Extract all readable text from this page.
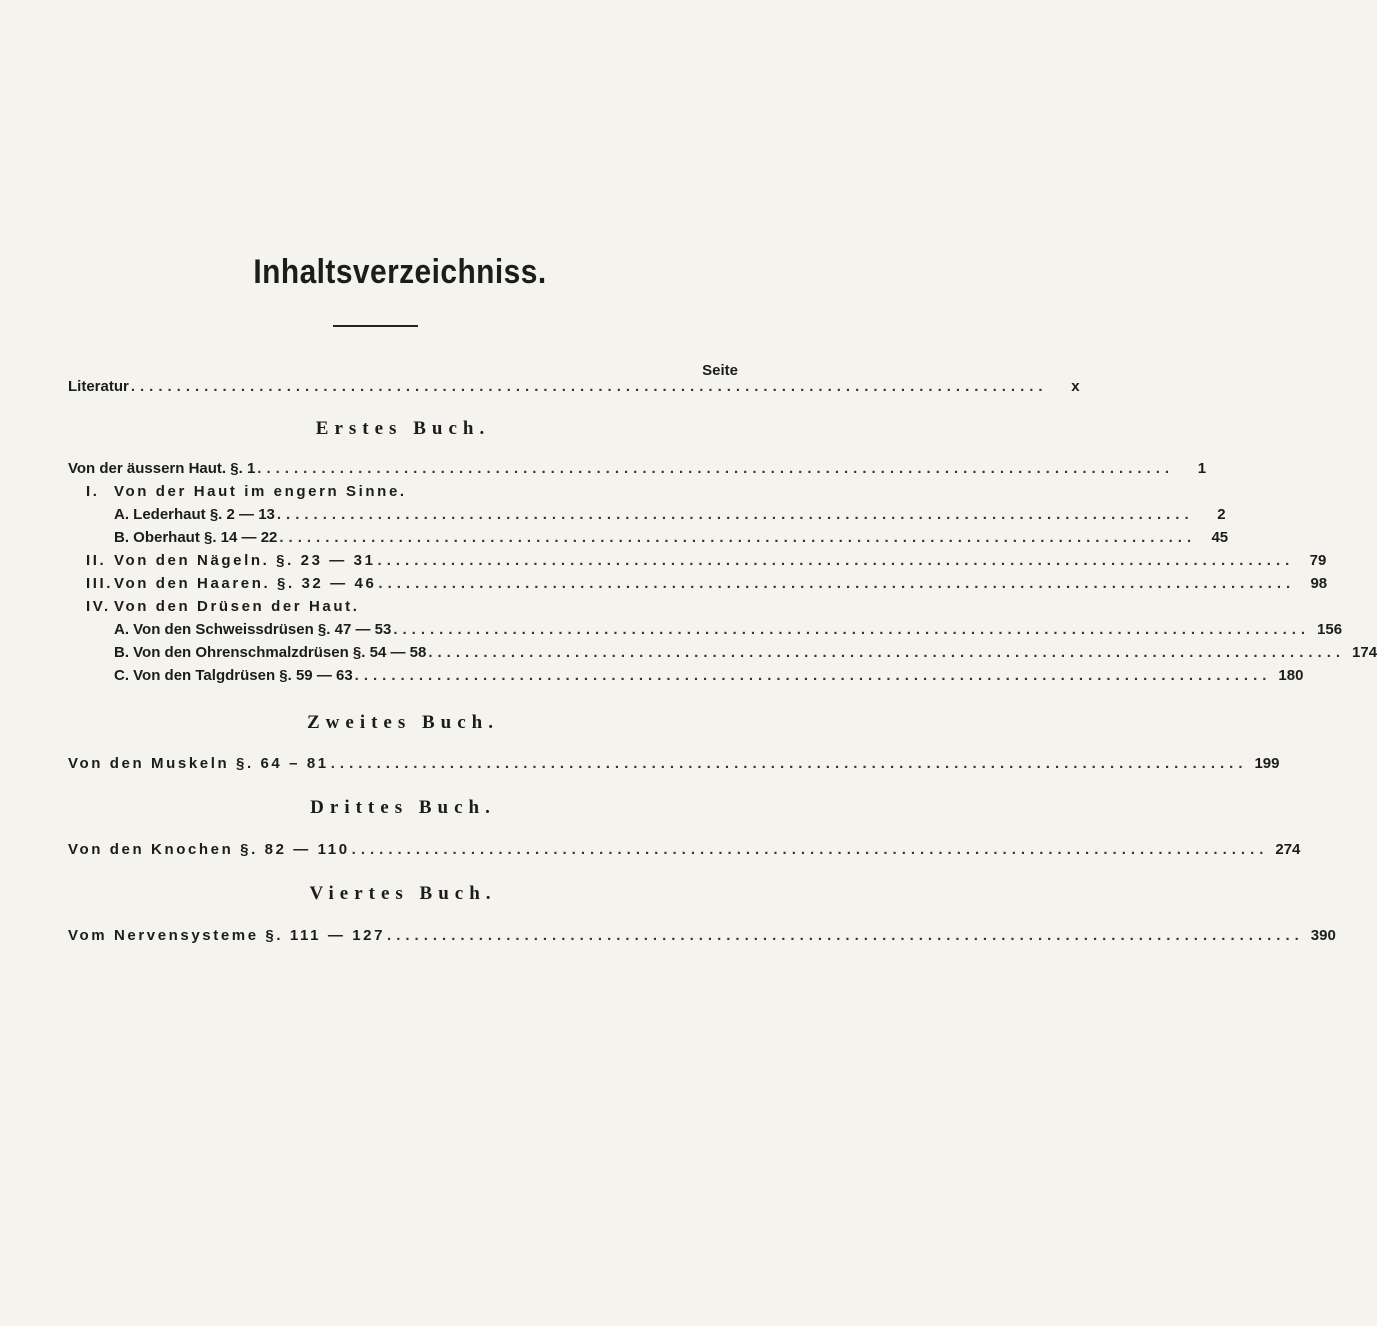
Inhaltsverzeichniss.
Seite
Literatur ....................................................................................................	x
Erstes Buch.
Von der äussern Haut. §. 1 ....................................................................................................	1
I. Von der Haut im engern Sinne.
A. Lederhaut §. 2 — 13 ....................................................................................................	2
B. Oberhaut §. 14 — 22 ....................................................................................................	45
II. Von den Nägeln. §. 23 — 31 ....................................................................................................	79
III.Von den Haaren. §. 32 — 46 ....................................................................................................	98
IV. Von den Drüsen der Haut.
A. Von den Schweissdrüsen §. 47 — 53 .................................................................................................... 156
B. Von den Ohrenschmalzdrüsen §. 54 — 58 .................................................................................................... 174
C. Von den Talgdrüsen §. 59 — 63 .................................................................................................... 180
Zweites Buch.
Von den Muskeln §. 64 – 81 .................................................................................................... 199
Drittes Buch.
Von den Knochen §. 82 — 110 .................................................................................................... 274
Viertes Buch.
Vom Nervensysteme §. 111 — 127 .................................................................................................... 390
